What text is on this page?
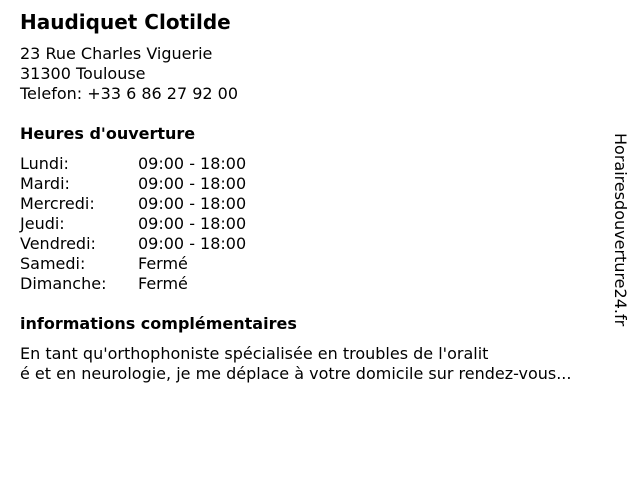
Haudiquet Clotilde
23 Rue Charles Viguerie
31300 Toulouse
Telefon: +33 6 86 27 92 00
Heures d'ouverture
Lundi:	09:00 - 18:00
Mardi:	09:00 - 18:00
Mercredi:	09:00 - 18:00
Jeudi:	09:00 - 18:00
Vendredi:	09:00 - 18:00
Samedi:	Fermé
Dimanche:	Fermé
informations complémentaires
En tant qu'orthophoniste spécialisée en troubles de l'oralit
é et en neurologie, je me déplace à votre domicile sur rendez-vous...
Horairesdouverture24.fr
